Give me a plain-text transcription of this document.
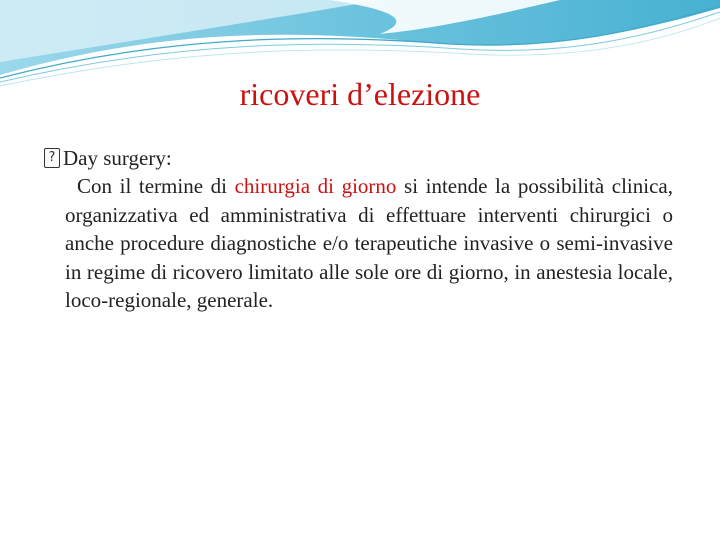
ricoveri d’elezione
?Day surgery:

Con il termine di chirurgia di giorno si intende la possibilità clinica, organizzativa ed amministrativa di effettuare interventi chirurgici o anche procedure diagnostiche e/o terapeutiche invasive o semi-invasive in regime di ricovero limitato alle sole ore di giorno, in anestesia locale, loco-regionale, generale.
